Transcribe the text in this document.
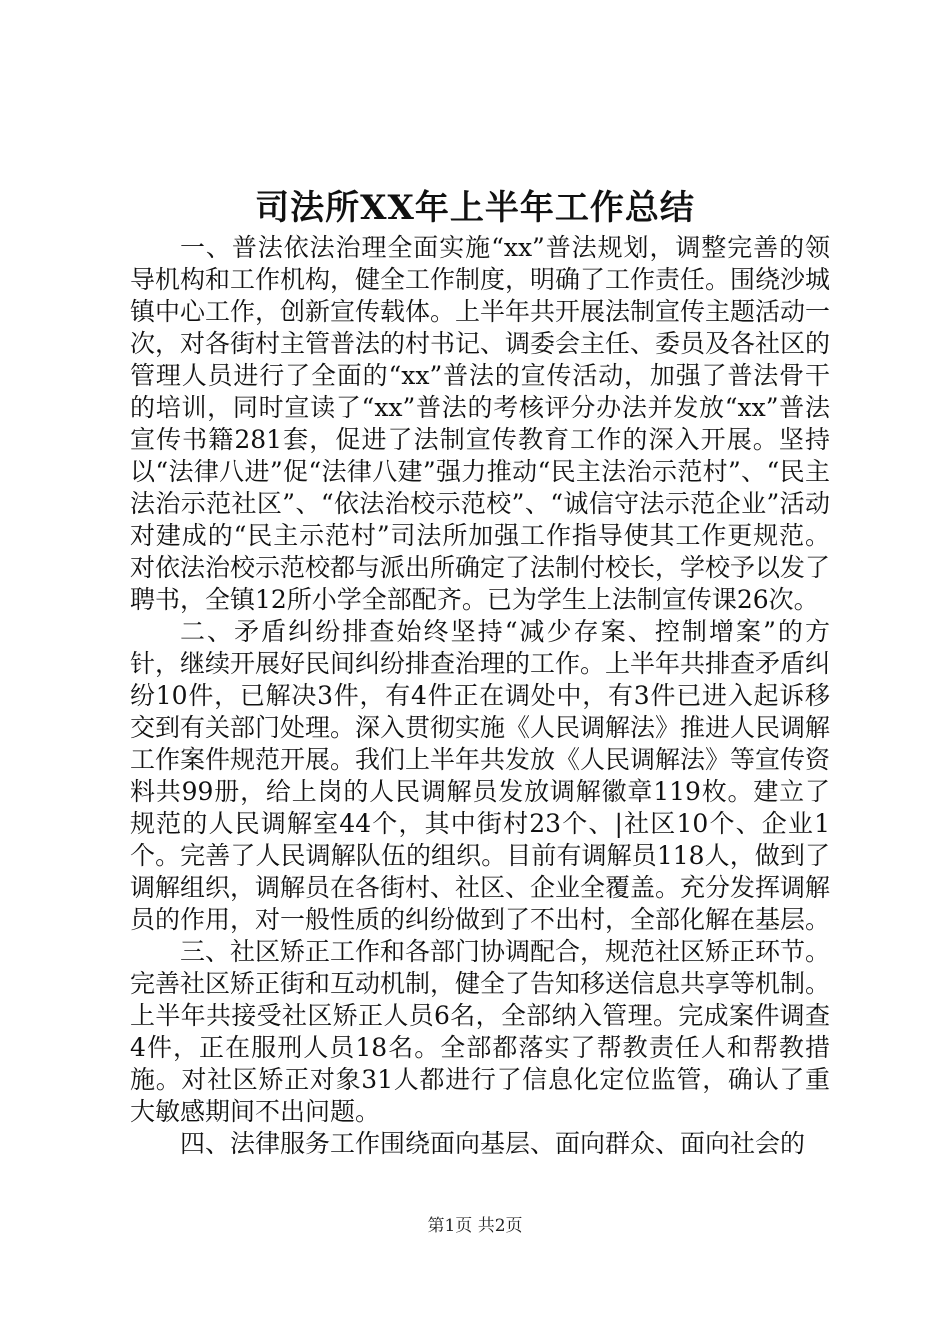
司法所XX年上半年工作总结

一、普法依法治理全面实施“xx”普法规划，调整完善的领导机构和工作机构，健全工作制度，明确了工作责任。围绕沙城镇中心工作，创新宣传载体。上半年共开展法制宣传主题活动一次，对各街村主管普法的村书记、调委会主任、委员及各社区的管理人员进行了全面的“xx”普法的宣传活动，加强了普法骨干的培训，同时宣读了“xx”普法的考核评分办法并发放“xx”普法宣传书籍281套，促进了法制宣传教育工作的深入开展。坚持以“法律八进”促“法律八建”强力推动“民主法治示范村”、“民主法治示范社区”、“依法治校示范校”、“诚信守法示范企业”活动对建成的“民主示范村”司法所加强工作指导使其工作更规范。对依法治校示范校都与派出所确定了法制付校长，学校予以发了聘书，全镇12所小学全部配齐。已为学生上法制宣传课26次。

二、矛盾纠纷排查始终坚持“减少存案、控制增案”的方针，继续开展好民间纠纷排查治理的工作。上半年共排查矛盾纠纷10件，已解决3件，有4件正在调处中，有3件已进入起诉移交到有关部门处理。深入贯彻实施《人民调解法》推进人民调解工作案件规范开展。我们上半年共发放《人民调解法》等宣传资料共99册，给上岗的人民调解员发放调解徽章119枚。建立了规范的人民调解室44个，其中街村23个、|社区10个、企业1个。完善了人民调解队伍的组织。目前有调解员118人，做到了调解组织，调解员在各街村、社区、企业全覆盖。充分发挥调解员的作用，对一般性质的纠纷做到了不出村，全部化解在基层。

三、社区矫正工作和各部门协调配合，规范社区矫正环节。完善社区矫正街和互动机制，健全了告知移送信息共享等机制。上半年共接受社区矫正人员6名，全部纳入管理。完成案件调查4件，正在服刑人员18名。全部都落实了帮教责任人和帮教措施。对社区矫正对象31人都进行了信息化定位监管，确认了重大敏感期间不出问题。

四、法律服务工作围绕面向基层、面向群众、面向社会的

第1页 共2页
